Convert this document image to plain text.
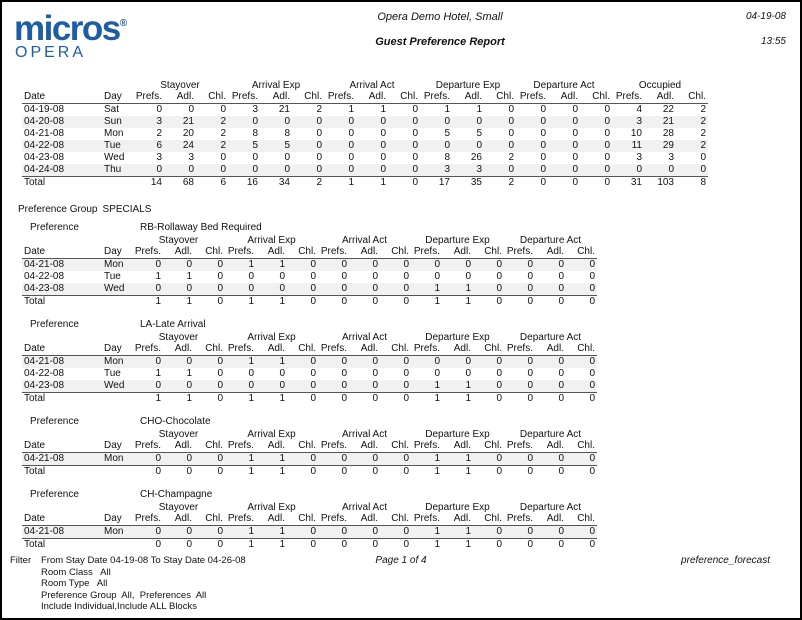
micros®
OPERA
Opera Demo Hotel, Small
Guest Preference Report
04-19-08
13:55
		Stayover			Arrival Exp			Arrival Act			Departure Exp			Departure Act			Occupied		
Date	Day	Prefs.	Adl.	Chl.	Prefs.	Adl.	Chl.	Prefs.	Adl.	Chl.	Prefs.	Adl.	Chl.	Prefs.	Adl.	Chl.	Prefs.	Adl.	Chl.
04-19-08	Sat	0	0	0	3	21	2	1	1	0	1	1	0	0	0	0	4	22	2
04-20-08	Sun	3	21	2	0	0	0	0	0	0	0	0	0	0	0	0	3	21	2
04-21-08	Mon	2	20	2	8	8	0	0	0	0	5	5	0	0	0	0	10	28	2
04-22-08	Tue	6	24	2	5	5	0	0	0	0	0	0	0	0	0	0	11	29	2
04-23-08	Wed	3	3	0	0	0	0	0	0	0	8	26	2	0	0	0	3	3	0
04-24-08	Thu	0	0	0	0	0	0	0	0	0	3	3	0	0	0	0	0	0	0
Total		14	68	6	16	34	2	1	1	0	17	35	2	0	0	0	31	103	8
Preference Group SPECIALS
Preference	RB-Rollaway Bed Required
		Stayover			Arrival Exp			Arrival Act			Departure Exp			Departure Act		
Date	Day	Prefs.	Adl.	Chl.	Prefs.	Adl.	Chl.	Prefs.	Adl.	Chl.	Prefs.	Adl.	Chl.	Prefs.	Adl.	Chl.
04-21-08	Mon	0	0	0	1	1	0	0	0	0	0	0	0	0	0	0
04-22-08	Tue	1	1	0	0	0	0	0	0	0	0	0	0	0	0	0
04-23-08	Wed	0	0	0	0	0	0	0	0	0	1	1	0	0	0	0
Total		1	1	0	1	1	0	0	0	0	1	1	0	0	0	0
Preference	LA-Late Arrival
		Stayover			Arrival Exp			Arrival Act			Departure Exp			Departure Act		
Date	Day	Prefs.	Adl.	Chl.	Prefs.	Adl.	Chl.	Prefs.	Adl.	Chl.	Prefs.	Adl.	Chl.	Prefs.	Adl.	Chl.
04-21-08	Mon	0	0	0	1	1	0	0	0	0	0	0	0	0	0	0
04-22-08	Tue	1	1	0	0	0	0	0	0	0	0	0	0	0	0	0
04-23-08	Wed	0	0	0	0	0	0	0	0	0	1	1	0	0	0	0
Total		1	1	0	1	1	0	0	0	0	1	1	0	0	0	0
Preference	CHO-Chocolate
		Stayover			Arrival Exp			Arrival Act			Departure Exp			Departure Act		
Date	Day	Prefs.	Adl.	Chl.	Prefs.	Adl.	Chl.	Prefs.	Adl.	Chl.	Prefs.	Adl.	Chl.	Prefs.	Adl.	Chl.
04-21-08	Mon	0	0	0	1	1	0	0	0	0	1	1	0	0	0	0
Total		0	0	0	1	1	0	0	0	0	1	1	0	0	0	0
Preference	CH-Champagne
		Stayover			Arrival Exp			Arrival Act			Departure Exp			Departure Act		
Date	Day	Prefs.	Adl.	Chl.	Prefs.	Adl.	Chl.	Prefs.	Adl.	Chl.	Prefs.	Adl.	Chl.	Prefs.	Adl.	Chl.
04-21-08	Mon	0	0	0	1	1	0	0	0	0	1	1	0	0	0	0
Total		0	0	0	1	1	0	0	0	0	1	1	0	0	0	0
Filter	From Stay Date 04-19-08 To Stay Date 04-26-08
Room Class   All
Room Type   All
Preference Group  All,  Preferences  All
Include Individual,Include ALL Blocks
Page 1 of 4	preference_forecast
